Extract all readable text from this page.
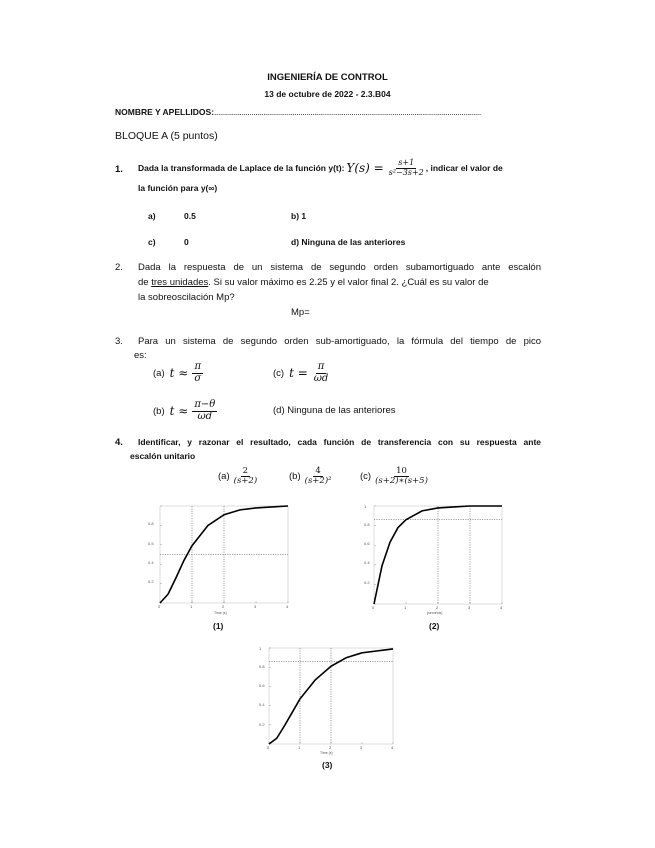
INGENIERÍA DE CONTROL
13 de octubre de 2022 - 2.3.B04
NOMBRE Y APELLIDOS:........................................................................................................................................
BLOQUE A (5 puntos)
1. Dada la transformada de Laplace de la función y(t): $Y(s) = \frac{s+1}{\text{s²−3s+2}}$ , indicar el valor de
la función para y(∞)
a)	0.5	b) 1
c)	0	d) Ninguna de las anteriores
2. Dada la respuesta de un sistema de segundo orden subamortiguado ante escalón
de tres unidades. Si su valor máximo es 2.25 y el valor final 2. ¿Cuál es su valor de
la sobreoscilación Mp?
Mp=
3. Para un sistema de segundo orden sub-amortiguado, la fórmula del tiempo de pico
es:
(a) $t \approx \frac{\pi}{\sigma}$	(c) $t = \frac{\pi}{\omega d}$
(b) $t \approx \frac{\pi-\theta}{\omega d}$	(d) Ninguna de las anteriores
4. Identificar, y razonar el resultado, cada función de transferencia con su respuesta ante
escalón unitario
$(a) \frac{2}{(s+2)}$	$(b) \frac{4}{\text{(s+2)²}}$	$(c) \frac{10}{(s+2)∗(s+5)}$
0.8
0.5
0.4
0.2
0	1	2	3	4
Time (s)
(1)
1
0.8
0.6
0.4
0.2
0	1	2	3	4
(seconds)
(2)
1
0.8
0.6
0.4
0.2
0	1	2	3	4
Time (s)
(3)
